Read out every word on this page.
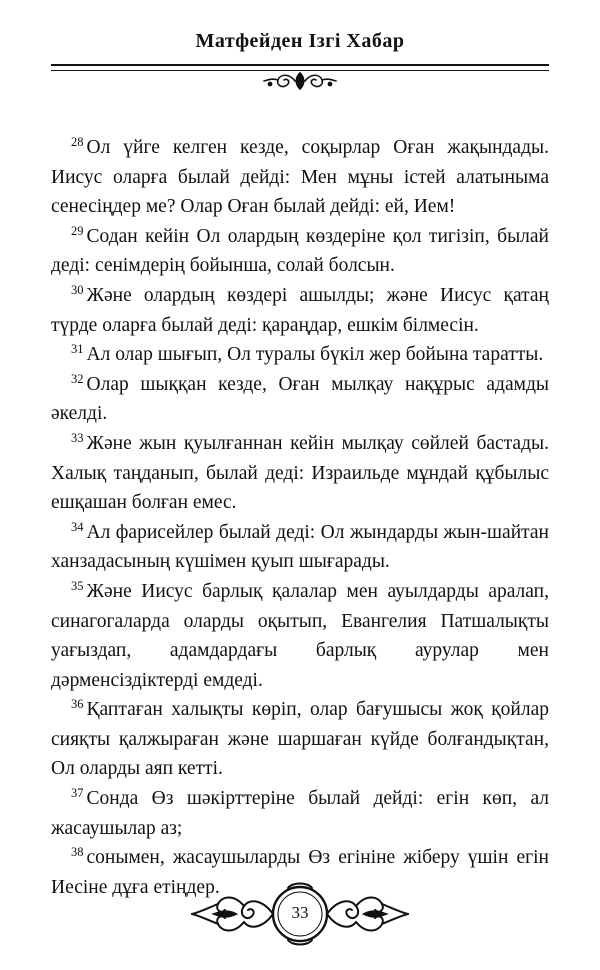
Матфейден Ізгі Хабар

$^{28}$ Ол үйге келген кезде, соқырлар Оған жақындады. Иисус оларға былай дейді: Мен мұны істей алатыныма сенесіңдер ме? Олар Оған былай дейді: ей, Ием!

$^{29}$ Содан кейін Ол олардың көздеріне қол тигізіп, былай деді: сенімдерің бойынша, солай болсын.

$^{30}$ Және олардың көздері ашылды; және Иисус қатаң түрде оларға былай деді: қараңдар, ешкім білмесін.

$^{31}$ Ал олар шығып, Ол туралы бүкіл жер бойына таратты.

$^{32}$ Олар шыққан кезде, Оған мылқау нақұрыс адамды әкелді.

$^{33}$ Және жын қуылғаннан кейін мылқау сөйлей бастады. Халық таңданып, былай деді: Израильде мұндай құбылыс ешқашан болған емес.

$^{34}$ Ал фарисейлер былай деді: Ол жындарды жын-шайтан ханзадасының күшімен қуып шығарады.

$^{35}$ Және Иисус барлық қалалар мен ауылдарды аралап, синагогаларда оларды оқытып, Евангелия Патшалықты уағыздап, адамдардағы барлық аурулар мен дәрменсіздіктерді емдеді.

$^{36}$ Қаптаған халықты көріп, олар бағушысы жоқ қойлар сияқты қалжыраған және шаршаған күйде болғандықтан, Ол оларды аяп кетті.

$^{37}$ Сонда Өз шәкірттеріне былай дейді: егін көп, ал жасаушылар аз;

$^{38}$ сонымен, жасаушыларды Өз егініне жіберу үшін егін Иесіне дұға етіңдер.

33
